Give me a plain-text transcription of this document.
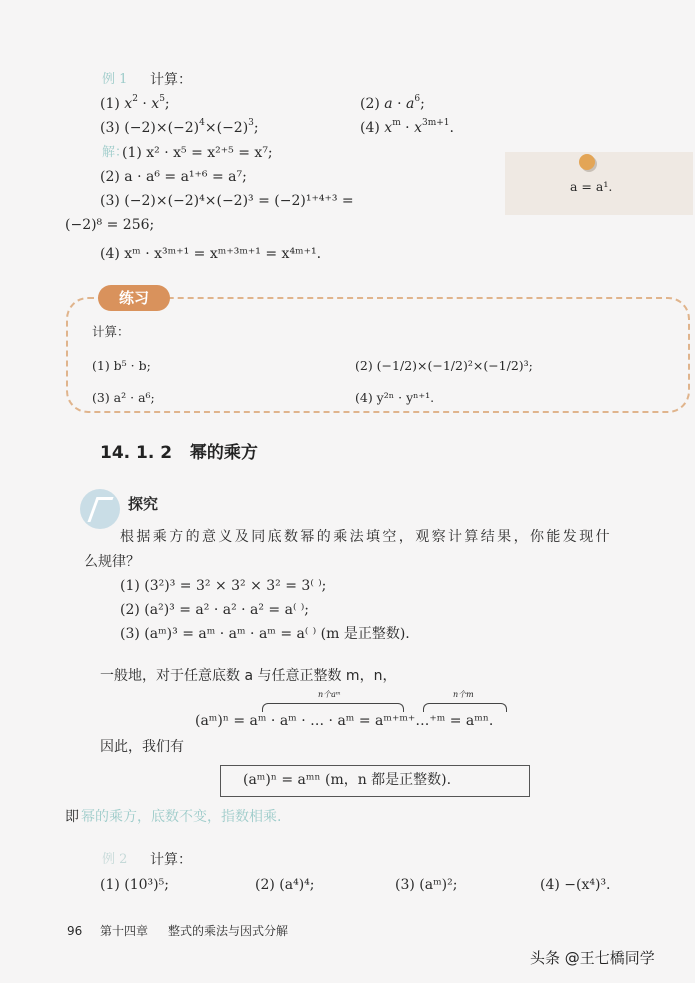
例 1 计算：
(1) $x^2 \cdot x^5$;	(2) $a \cdot a^6$;
(3) $(-2)\times(-2)^4\times(-2)^3$;	(4) $x^m \cdot x^{3m+1}$.
解：
(1) x² · x⁵ = x²⁺⁵ = x⁷;
(2) a · a⁶ = a¹⁺⁶ = a⁷;
(3) (−2)×(−2)⁴×(−2)³ = (−2)¹⁺⁴⁺³ =
(−2)⁸ = 256;
(4) xᵐ · x³ᵐ⁺¹ = xᵐ⁺³ᵐ⁺¹ = x⁴ᵐ⁺¹.
a = a¹.
练习
计算：
(1) b⁵ · b;	(2) (−1/2)×(−1/2)²×(−1/2)³;
(3) a² · a⁶;	(4) y²ⁿ · yⁿ⁺¹.
14. 1. 2 幂的乘方
探究
根据乘方的意义及同底数幂的乘法填空，观察计算结果，你能发现什
么规律？
(1) (3²)³ = 3² × 3² × 3² = 3⁽ ⁾;
(2) (a²)³ = a² · a² · a² = a⁽ ⁾;
(3) (aᵐ)³ = aᵐ · aᵐ · aᵐ = a⁽ ⁾ (m 是正整数).
一般地，对于任意底数 a 与任意正整数 m，n，
n个aᵐ	n个m
(aᵐ)ⁿ = aᵐ · aᵐ · … · aᵐ = aᵐ⁺ᵐ⁺…⁺ᵐ = aᵐⁿ.
因此，我们有
(aᵐ)ⁿ = aᵐⁿ (m，n 都是正整数).
即 幂的乘方，底数不变，指数相乘.
例 2 计算：
(1) (10³)⁵;	(2) (a⁴)⁴;	(3) (aᵐ)²;	(4) −(x⁴)³.
96 第十四章 整式的乘法与因式分解
头条 @王七橋同学
